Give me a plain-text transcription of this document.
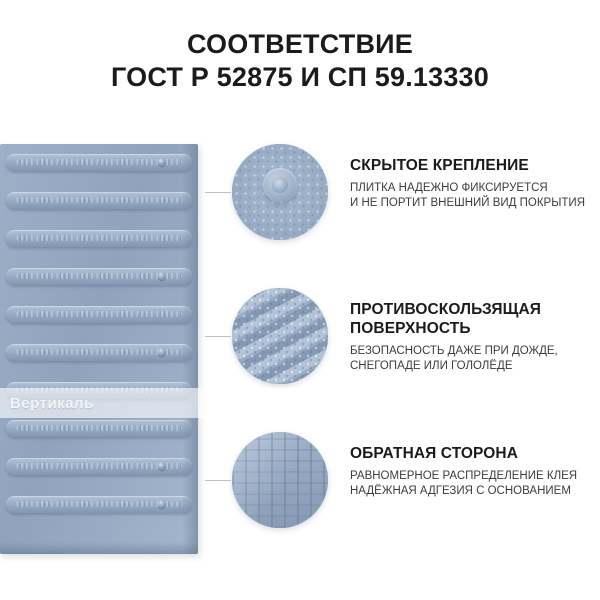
СООТВЕТСТВИЕ
ГОСТ Р 52875 И СП 59.13330
СКРЫТОЕ КРЕПЛЕНИЕ
ПЛИТКА НАДЕЖНО ФИКСИРУЕТСЯ
И НЕ ПОРТИТ ВНЕШНИЙ ВИД ПОКРЫТИЯ
ПРОТИВОСКОЛЬЗЯЩАЯ ПОВЕРХНОСТЬ
БЕЗОПАСНОСТЬ ДАЖЕ ПРИ ДОЖДЕ,
СНЕГОПАДЕ ИЛИ ГОЛОЛЁДЕ
ОБРАТНАЯ СТОРОНА
РАВНОМЕРНОЕ РАСПРЕДЕЛЕНИЕ КЛЕЯ
НАДЁЖНАЯ АДГЕЗИЯ С ОСНОВАНИЕМ
Вертикаль
